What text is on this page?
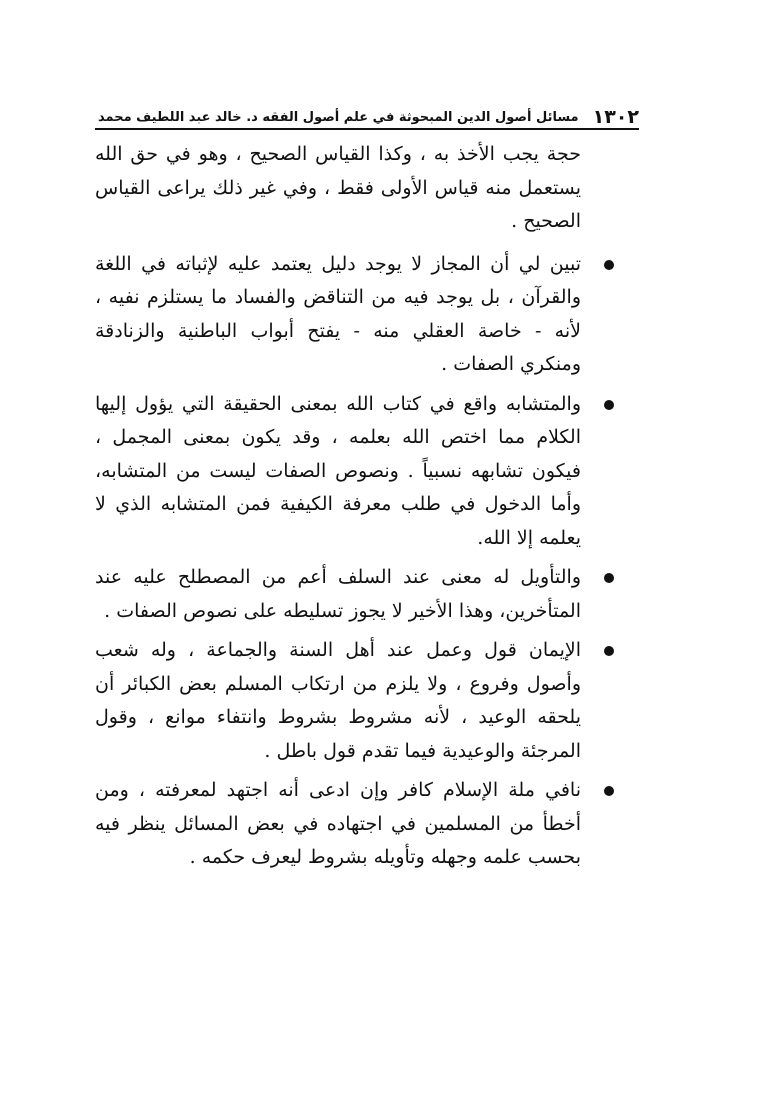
١٣٠٢
مسائل أصول الدين المبحوثة في علم أصول الفقه د. خالد عبد اللطيف محمد

حجة يجب الأخذ به ، وكذا القياس الصحيح ، وهو في حق الله يستعمل منه قياس الأولى فقط ، وفي غير ذلك يراعى القياس الصحيح .

تبين لي أن المجاز لا يوجد دليل يعتمد عليه لإثباته في اللغة والقرآن ، بل يوجد فيه من التناقض والفساد ما يستلزم نفيه ، لأنه - خاصة العقلي منه - يفتح أبواب الباطنية والزنادقة ومنكري الصفات .

والمتشابه واقع في كتاب الله بمعنى الحقيقة التي يؤول إليها الكلام مما اختص الله بعلمه ، وقد يكون بمعنى المجمل ، فيكون تشابهه نسبياً . ونصوص الصفات ليست من المتشابه، وأما الدخول في طلب معرفة الكيفية فمن المتشابه الذي لا يعلمه إلا الله.

والتأويل له معنى عند السلف أعم من المصطلح عليه عند المتأخرين، وهذا الأخير لا يجوز تسليطه على نصوص الصفات .

الإيمان قول وعمل عند أهل السنة والجماعة ، وله شعب وأصول وفروع ، ولا يلزم من ارتكاب المسلم بعض الكبائر أن يلحقه الوعيد ، لأنه مشروط بشروط وانتفاء موانع ، وقول المرجئة والوعيدية فيما تقدم قول باطل .

نافي ملة الإسلام كافر وإن ادعى أنه اجتهد لمعرفته ، ومن أخطأ من المسلمين في اجتهاده في بعض المسائل ينظر فيه بحسب علمه وجهله وتأويله بشروط ليعرف حكمه .
